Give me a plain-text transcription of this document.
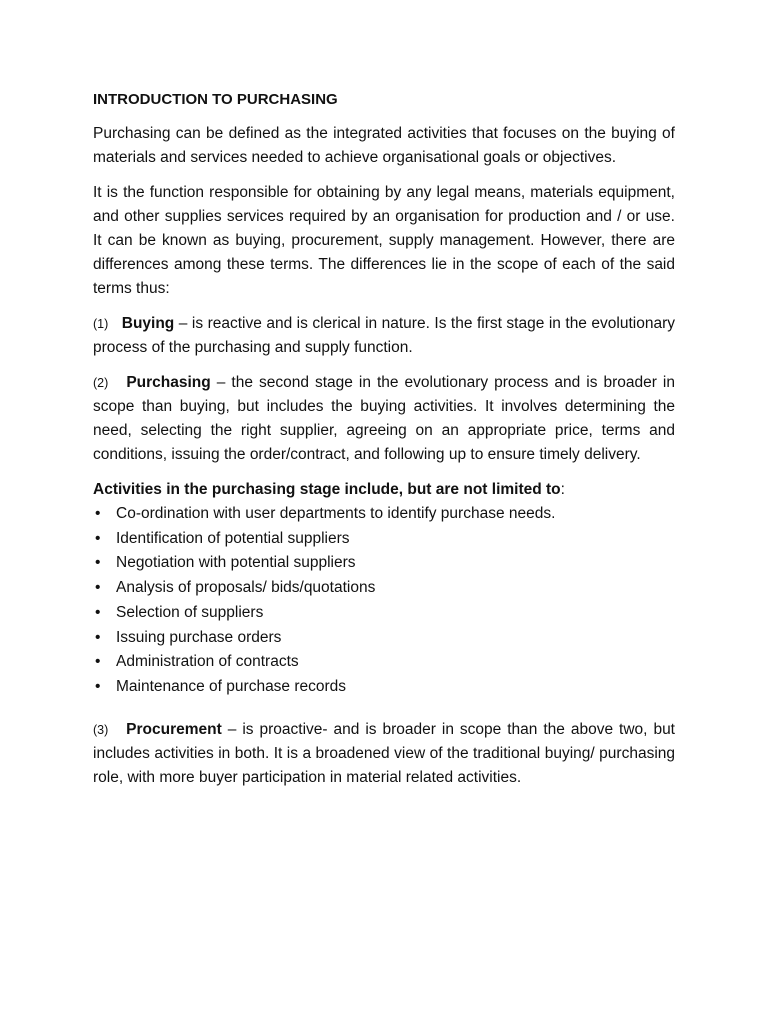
INTRODUCTION TO PURCHASING

Purchasing can be defined as the integrated activities that focuses on the buying of materials and services needed to achieve organisational goals or objectives.

It is the function responsible for obtaining by any legal means, materials equipment, and other supplies services required by an organisation for production and / or use. It can be known as buying, procurement, supply management. However, there are differences among these terms. The differences lie in the scope of each of the said terms thus:

(1) Buying – is reactive and is clerical in nature. Is the first stage in the evolutionary process of the purchasing and supply function.

(2) Purchasing – the second stage in the evolutionary process and is broader in scope than buying, but includes the buying activities. It involves determining the need, selecting the right supplier, agreeing on an appropriate price, terms and conditions, issuing the order/contract, and following up to ensure timely delivery.

Activities in the purchasing stage include, but are not limited to:

• Co-ordination with user departments to identify purchase needs.
• Identification of potential suppliers
• Negotiation with potential suppliers
• Analysis of proposals/ bids/quotations
• Selection of suppliers
• Issuing purchase orders
• Administration of contracts
• Maintenance of purchase records

(3) Procurement – is proactive- and is broader in scope than the above two, but includes activities in both. It is a broadened view of the traditional buying/ purchasing role, with more buyer participation in material related activities.
